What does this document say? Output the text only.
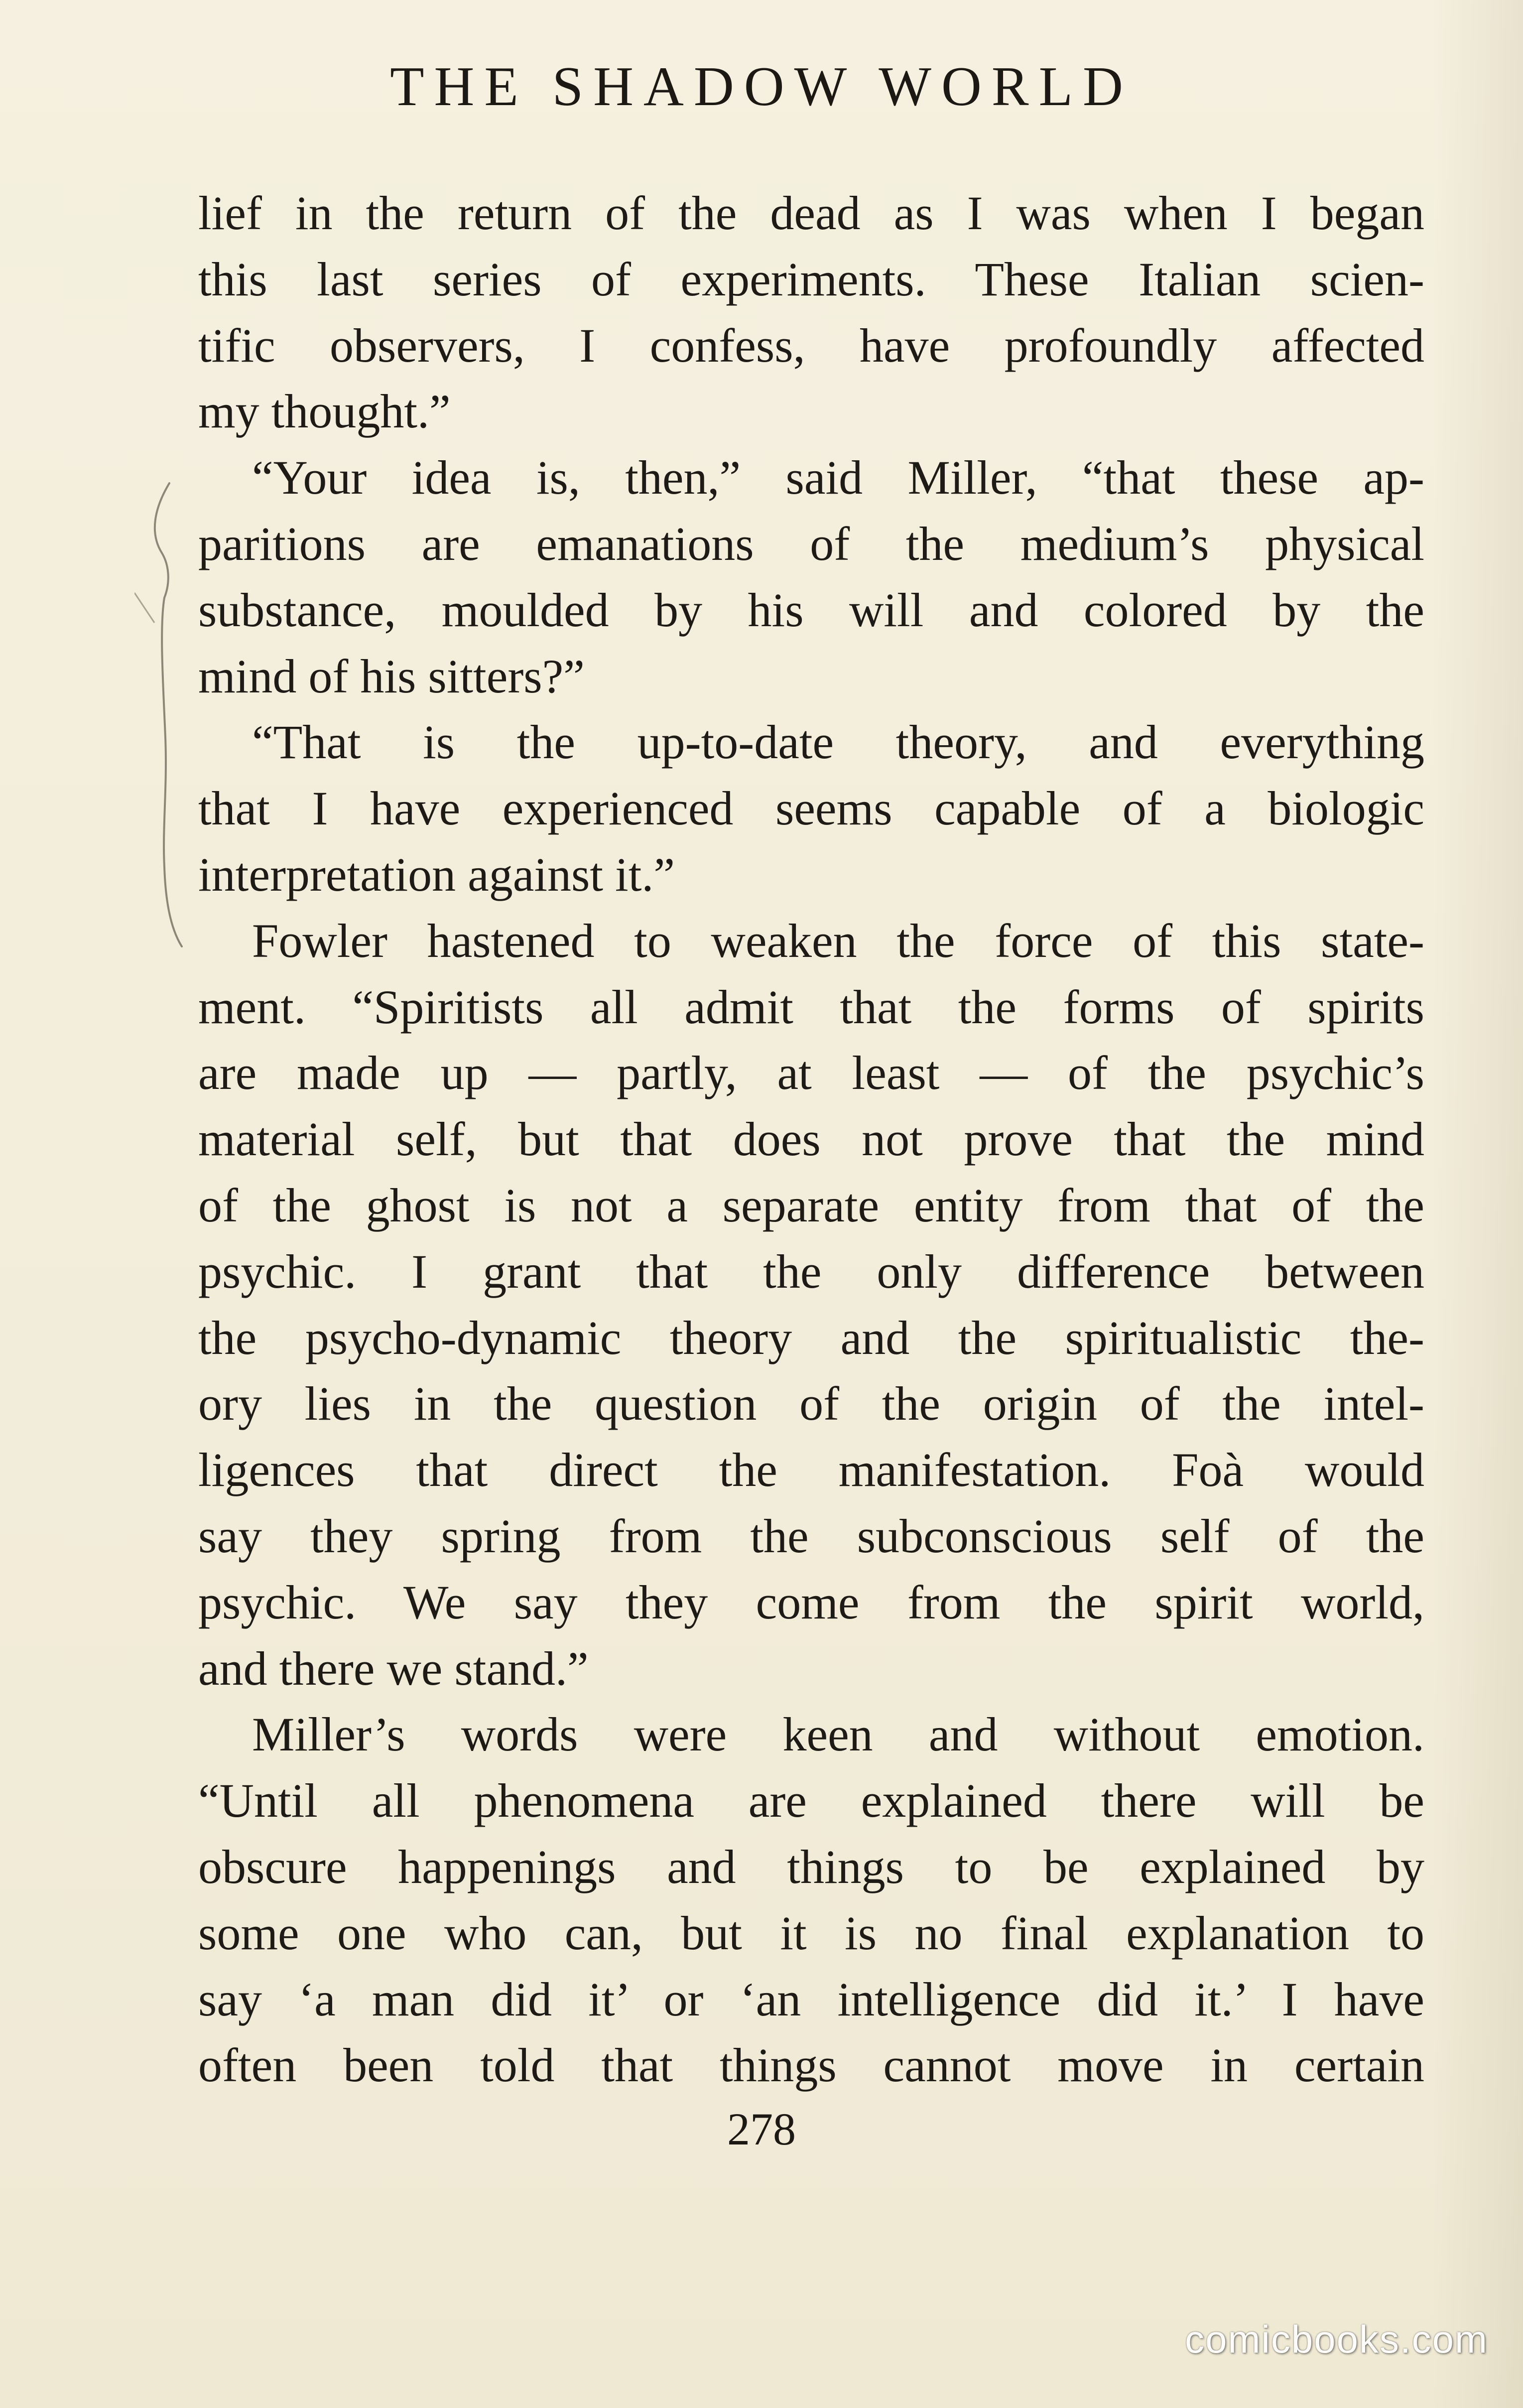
THE SHADOW WORLD
lief in the return of the dead as I was when I began
this last series of experiments. These Italian scien-
tific observers, I confess, have profoundly affected
my thought.”
“Your idea is, then,” said Miller, “that these ap-
paritions are emanations of the medium’s physical
substance, moulded by his will and colored by the
mind of his sitters?”
“That is the up-to-date theory, and everything
that I have experienced seems capable of a biologic
interpretation against it.”
Fowler hastened to weaken the force of this state-
ment. “Spiritists all admit that the forms of spirits
are made up — partly, at least — of the psychic’s
material self, but that does not prove that the mind
of the ghost is not a separate entity from that of the
psychic. I grant that the only difference between
the psycho-dynamic theory and the spiritualistic the-
ory lies in the question of the origin of the intel-
ligences that direct the manifestation. Foà would
say they spring from the subconscious self of the
psychic. We say they come from the spirit world,
and there we stand.”
Miller’s words were keen and without emotion.
“Until all phenomena are explained there will be
obscure happenings and things to be explained by
some one who can, but it is no final explanation to
say ‘a man did it’ or ‘an intelligence did it.’ I have
often been told that things cannot move in certain
278
comicbooks.com
